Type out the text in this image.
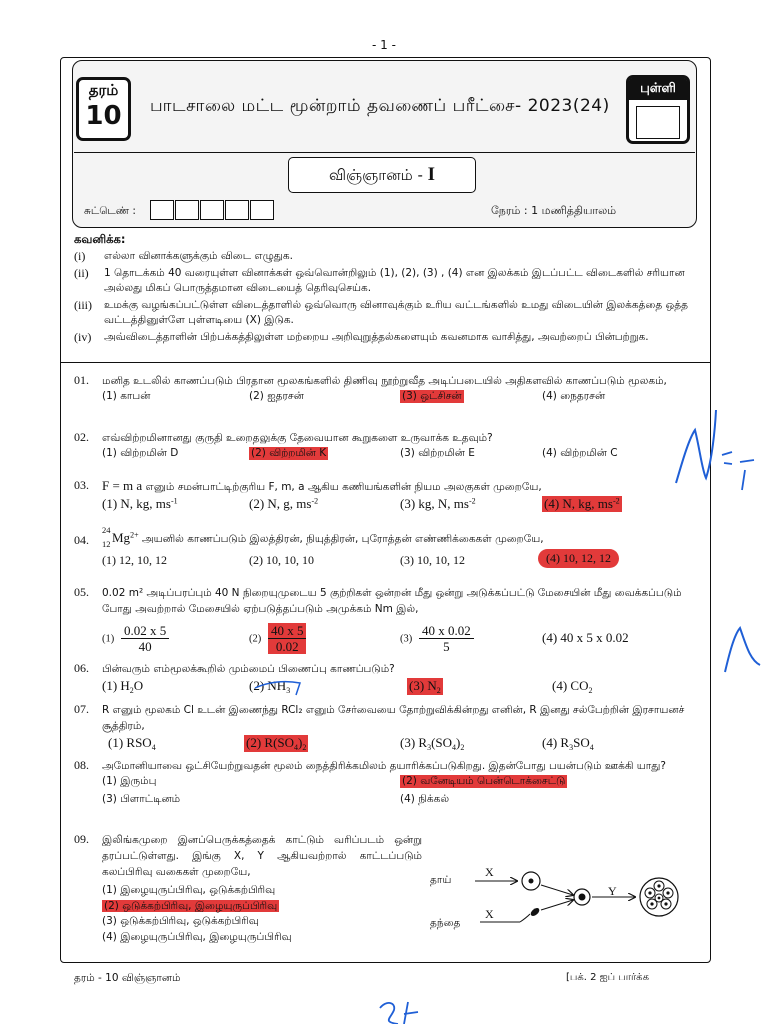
- 1 -
தரம்
10	பாடசாலை மட்ட மூன்றாம் தவணைப் பரீட்சை- 2023(24)
புள்ளி
விஞ்ஞானம் - I
சுட்டெண் :	நேரம் : 1 மணித்தியாலம்
கவனிக்க:
(i)	எல்லா வினாக்களுக்கும் விடை எழுதுக.
(ii)	1 தொடக்கம் 40 வரையுள்ள வினாக்கள் ஒவ்வொன்றிலும் (1), (2), (3) , (4) என இலக்கம் இடப்பட்ட விடைகளில் சரியான அல்லது மிகப் பொருத்தமான விடையைத் தெரிவுசெய்க.
(iii)	உமக்கு வழங்கப்பட்டுள்ள விடைத்தாளில் ஒவ்வொரு வினாவுக்கும் உரிய வட்டங்களில் உமது விடையின் இலக்கத்தை ஒத்த வட்டத்தினுள்ளே புள்ளடியை (X) இடுக.
(iv)	அவ்விடைத்தாளின் பிற்பக்கத்திலுள்ள மற்றைய அறிவுறுத்தல்களையும் கவனமாக வாசித்து, அவற்றைப் பின்பற்றுக.
01. மனித உடலில் காணப்படும் பிரதான மூலகங்களில் திணிவு நூற்றுவீத அடிப்படையில் அதிகளவில் காணப்படும் மூலகம்,
(1) காபன்	(2) ஐதரசன்	(3) ஒட்சிசன்	(4) நைதரசன்
02. எவ்விற்றமினானது குருதி உறைதலுக்கு தேவையான கூறுகளை உருவாக்க உதவும்?
(1) விற்றமின் D	(2) விற்றமின் K	(3) விற்றமின் E	(4) விற்றமின் C
03. F = m a எனும் சமன்பாட்டிற்குரிய F, m, a ஆகிய கணியங்களின் நியம அலகுகள் முறையே,
(1) N, kg, $ms^{-1}$	(2) N, g, $ms^{-2}$	(3) kg, N, $ms^{-2}$	(4) N, kg, $ms^{-2}$
04.
24
12 $Mg^{2+}$ அயனில் காணப்படும் இலத்திரன், நியுத்திரன், புரோத்தன் எண்ணிக்கைகள் முறையே,
(1) 12, 10, 12	(2) 10, 10, 10	(3) 10, 10, 12	(4) 10, 12, 12
05. 0.02 m² அடிப்பரப்பும் 40 N நிறையுமுடைய 5 குற்றிகள் ஒன்றன் மீது ஒன்று அடுக்கப்பட்டு மேசையின் மீது வைக்கப்படும் போது அவற்றால் மேசையில் ஏற்படுத்தப்படும் அமுக்கம் Nm இல்,
$(1) \frac{0.02 x 5}{40}$	$(2) \frac{40 x 5}{0.02}$	$(3) \frac{40 x 0.02}{5}$	(4) 40 x 5 x 0.02
06. பின்வரும் எம்மூலக்கூறில் மும்மைப் பிணைப்பு காணப்படும்?
(1) $H_2O$	(2) $NH_3$	(3) $N_2$	(4) $CO_2$
07. R எனும் மூலகம் Cl உடன் இணைந்து RCl₂ எனும் சேர்வையை தோற்றுவிக்கின்றது எனின், R இனது சல்பேற்றின் இரசாயனச் சூத்திரம்,
(1) $RSO_4$	(2) $R(SO_4)_2$	(3) $R_3(SO_4)_2$	(4) $R_3SO_4$
08. அமோனியாவை ஒட்சியேற்றுவதன் மூலம் நைத்திரிக்கமிலம் தயாரிக்கப்படுகிறது. இதன்போது பயன்படும் ஊக்கி யாது?
(1) இரும்பு	(2) வனேடியம் பென்டொக்சைட்டு
(3) பிளாட்டினம்	(4) நிக்கல்
09. இலிங்கமுறை இனப்பெருக்கத்தைக் காட்டும் வரிப்படம் ஒன்று தரப்பட்டுள்ளது. இங்கு X, Y ஆகியவற்றால் காட்டப்படும் கலப்பிரிவு வகைகள் முறையே,
(1) இழையுருப்பிரிவு, ஒடுக்கற்பிரிவு
(2) ஒடுக்கற்பிரிவு, இழையுருப்பிரிவு
(3) ஒடுக்கற்பிரிவு, ஒடுக்கற்பிரிவு
(4) இழையுருப்பிரிவு, இழையுருப்பிரிவு
தாய்
தந்தை
X
X
Y
தரம் - 10 விஞ்ஞானம்	[பக். 2 ஐப் பார்க்க
